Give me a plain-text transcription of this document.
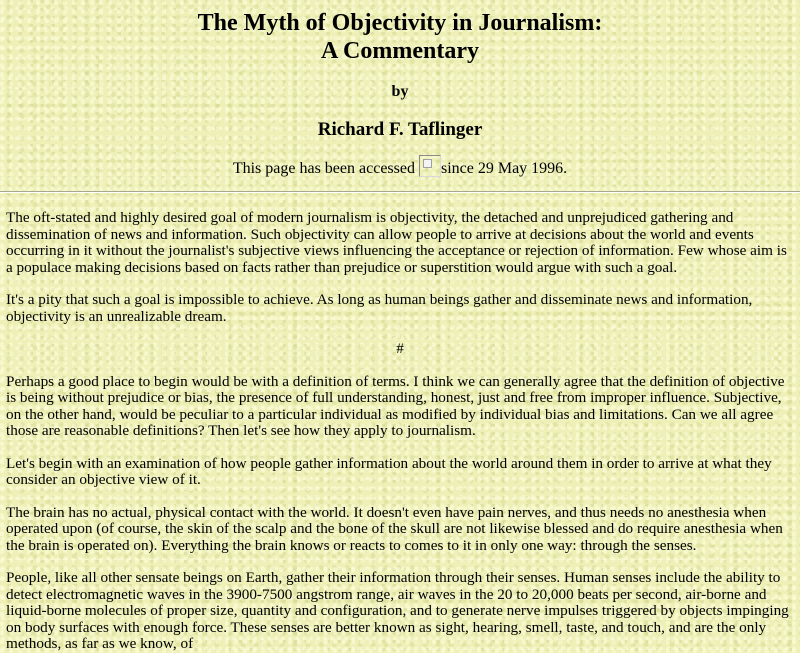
The Myth of Objectivity in Journalism:
A Commentary
by
Richard F. Taflinger
This page has been accessed since 29 May 1996.

The oft-stated and highly desired goal of modern journalism is objectivity, the detached and unprejudiced gathering and dissemination of news and information. Such objectivity can allow people to arrive at decisions about the world and events occurring in it without the journalist's subjective views influencing the acceptance or rejection of information. Few whose aim is a populace making decisions based on facts rather than prejudice or superstition would argue with such a goal.

It's a pity that such a goal is impossible to achieve. As long as human beings gather and disseminate news and information, objectivity is an unrealizable dream.

#

Perhaps a good place to begin would be with a definition of terms. I think we can generally agree that the definition of objective is being without prejudice or bias, the presence of full understanding, honest, just and free from improper influence. Subjective, on the other hand, would be peculiar to a particular individual as modified by individual bias and limitations. Can we all agree those are reasonable definitions? Then let's see how they apply to journalism.

Let's begin with an examination of how people gather information about the world around them in order to arrive at what they consider an objective view of it.

The brain has no actual, physical contact with the world. It doesn't even have pain nerves, and thus needs no anesthesia when operated upon (of course, the skin of the scalp and the bone of the skull are not likewise blessed and do require anesthesia when the brain is operated on). Everything the brain knows or reacts to comes to it in only one way: through the senses.

People, like all other sensate beings on Earth, gather their information through their senses. Human senses include the ability to detect electromagnetic waves in the 3900-7500 angstrom range, air waves in the 20 to 20,000 beats per second, air-borne and liquid-borne molecules of proper size, quantity and configuration, and to generate nerve impulses triggered by objects impinging on body surfaces with enough force. These senses are better known as sight, hearing, smell, taste, and touch, and are the only methods, as far as we know, of
